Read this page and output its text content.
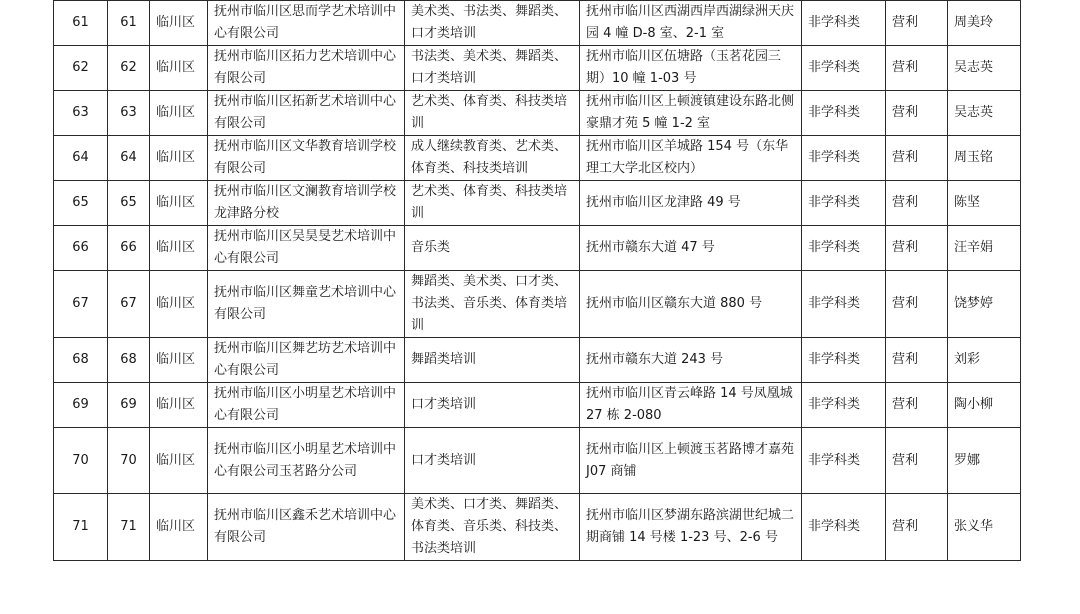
61	61	临川区	抚州市临川区思而学艺术培训中心有限公司	美术类、书法类、舞蹈类、口才类培训	抚州市临川区西湖西岸西湖绿洲天庆园 4 幢 D-8 室、2-1 室	非学科类	营利	周美玲
62	62	临川区	抚州市临川区拓力艺术培训中心有限公司	书法类、美术类、舞蹈类、口才类培训	抚州市临川区伍塘路（玉茗花园三期）10 幢 1-03 号	非学科类	营利	吴志英
63	63	临川区	抚州市临川区拓新艺术培训中心有限公司	艺术类、体育类、科技类培训	抚州市临川区上顿渡镇建设东路北侧豪鼎才苑 5 幢 1-2 室	非学科类	营利	吴志英
64	64	临川区	抚州市临川区文华教育培训学校有限公司	成人继续教育类、艺术类、体育类、科技类培训	抚州市临川区羊城路 154 号（东华理工大学北区校内）	非学科类	营利	周玉铭
65	65	临川区	抚州市临川区文澜教育培训学校龙津路分校	艺术类、体育类、科技类培训	抚州市临川区龙津路 49 号	非学科类	营利	陈坚
66	66	临川区	抚州市临川区吴昊旻艺术培训中心有限公司	音乐类	抚州市赣东大道 47 号	非学科类	营利	汪辛娟
67	67	临川区	抚州市临川区舞童艺术培训中心有限公司	舞蹈类、美术类、口才类、书法类、音乐类、体育类培训	抚州市临川区赣东大道 880 号	非学科类	营利	饶梦婷
68	68	临川区	抚州市临川区舞艺坊艺术培训中心有限公司	舞蹈类培训	抚州市赣东大道 243 号	非学科类	营利	刘彩
69	69	临川区	抚州市临川区小明星艺术培训中心有限公司	口才类培训	抚州市临川区青云峰路 14 号凤凰城 27 栋 2-080	非学科类	营利	陶小柳
70	70	临川区	抚州市临川区小明星艺术培训中心有限公司玉茗路分公司	口才类培训	抚州市临川区上顿渡玉茗路博才嘉苑 J07 商铺	非学科类	营利	罗娜
71	71	临川区	抚州市临川区鑫禾艺术培训中心有限公司	美术类、口才类、舞蹈类、体育类、音乐类、科技类、书法类培训	抚州市临川区梦湖东路滨湖世纪城二期商铺 14 号楼 1-23 号、2-6 号	非学科类	营利	张义华
